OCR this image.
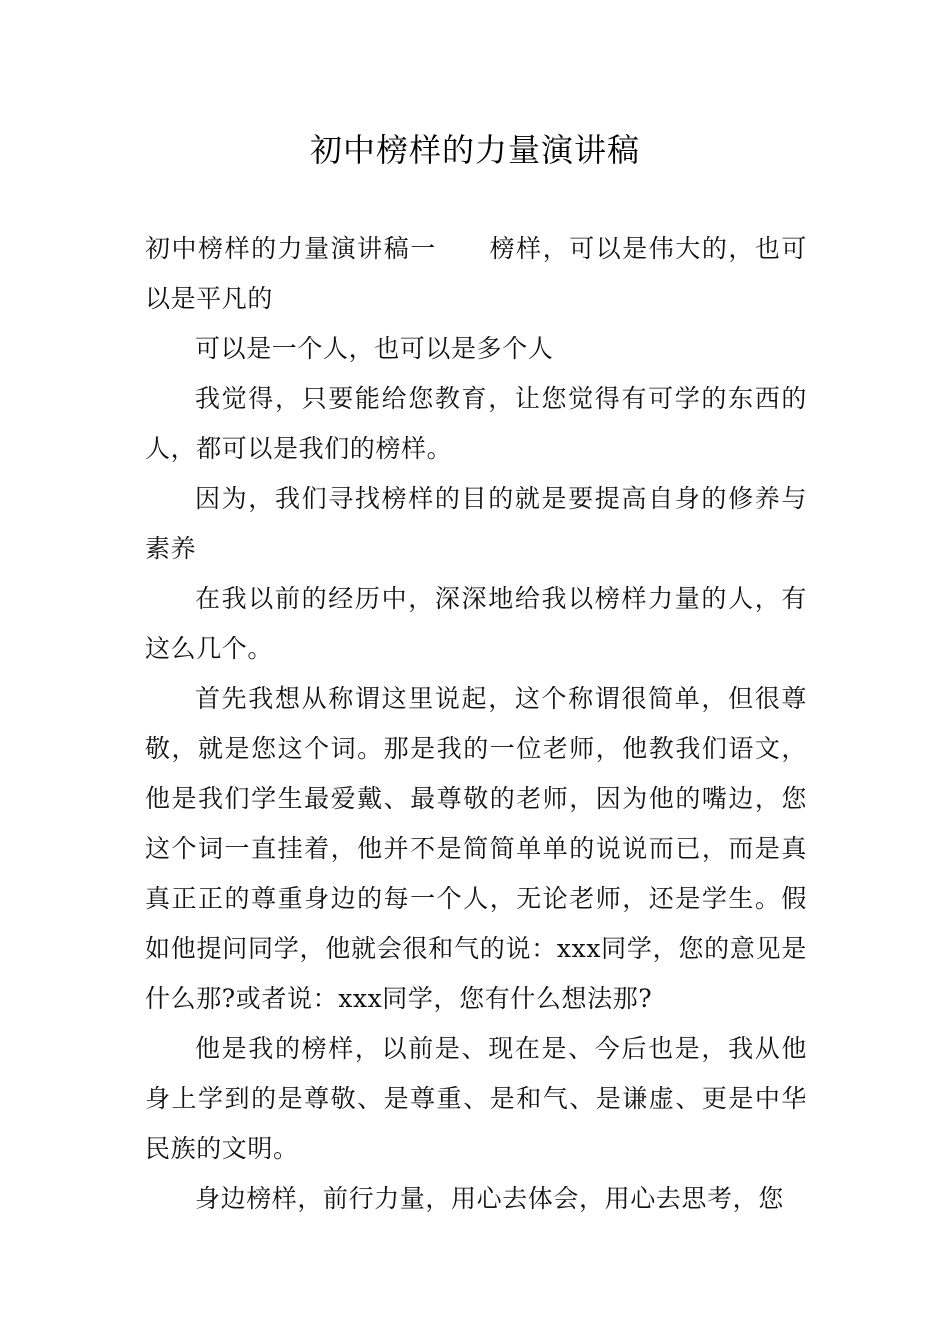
初中榜样的力量演讲稿

初中榜样的力量演讲稿一 榜样，可以是伟大的，也可以是平凡的

可以是一个人，也可以是多个人

我觉得，只要能给您教育，让您觉得有可学的东西的人，都可以是我们的榜样。

因为，我们寻找榜样的目的就是要提高自身的修养与素养

在我以前的经历中，深深地给我以榜样力量的人，有这么几个。

首先我想从称谓这里说起，这个称谓很简单，但很尊敬，就是您这个词。那是我的一位老师，他教我们语文，他是我们学生最爱戴、最尊敬的老师，因为他的嘴边，您这个词一直挂着，他并不是简简单单的说说而已，而是真真正正的尊重身边的每一个人，无论老师，还是学生。假如他提问同学，他就会很和气的说：xxx同学，您的意见是什么那?或者说：xxx同学，您有什么想法那?

他是我的榜样，以前是、现在是、今后也是，我从他身上学到的是尊敬、是尊重、是和气、是谦虚、更是中华民族的文明。

身边榜样，前行力量，用心去体会，用心去思考，您
